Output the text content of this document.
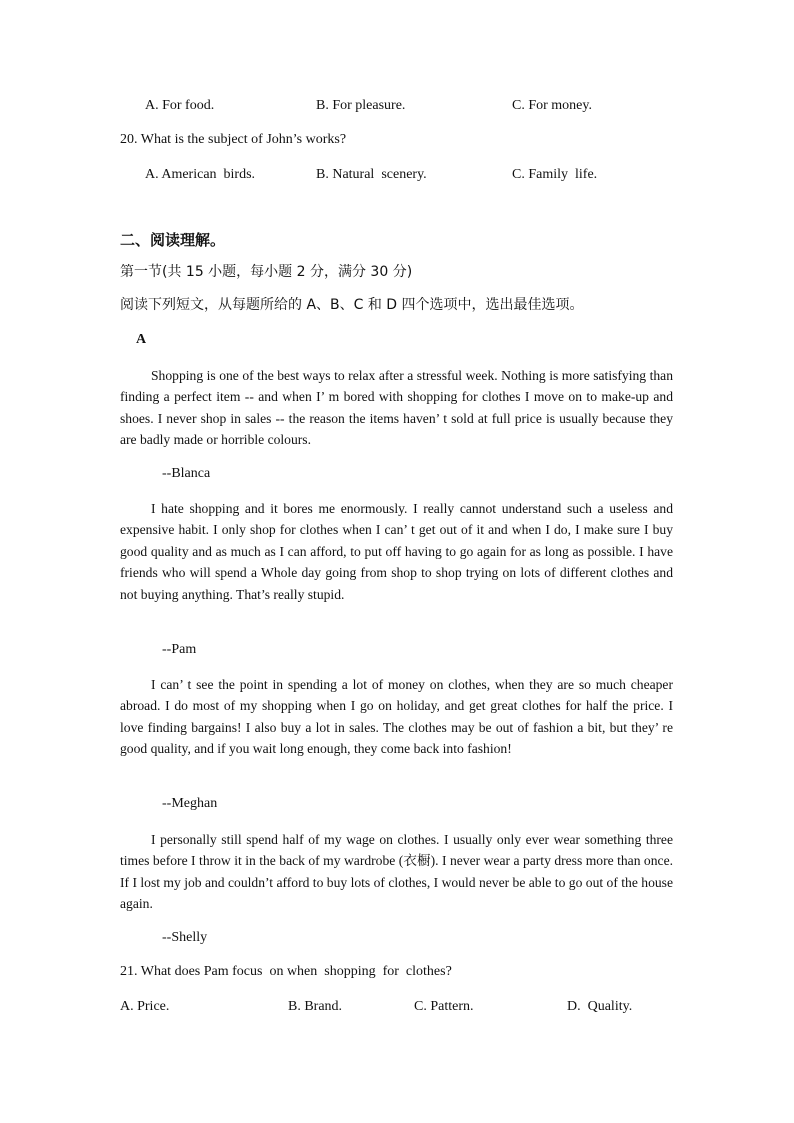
A. For food.	B. For pleasure.	C. For money.
20. What is the subject of John’s works?
A. American  birds.	B. Natural  scenery.	C. Family  life.
二、阅读理解。
第一节(共 15 小题，每小题 2 分，满分 30 分)
阅读下列短文，从每题所给的 A、B、C 和 D 四个选项中，选出最佳选项。
A
Shopping is one of the best ways to relax after a stressful week. Nothing is more satisfying than finding a perfect item -- and when I’ m bored with shopping for clothes I move on to make-up and shoes. I never shop in sales -- the reason the items haven’ t sold at full price is usually because they are badly made or horrible colours.
--Blanca
I hate shopping and it bores me enormously. I really cannot understand such a useless and expensive habit. I only shop for clothes when I can’ t get out of it and when I do, I make sure I buy good quality and as much as I can afford, to put off having to go again for as long as possible. I have friends who will spend a Whole day going from shop to shop trying on lots of different clothes and not buying anything. That’s really stupid.
--Pam
I can’ t see the point in spending a lot of money on clothes, when they are so much cheaper abroad. I do most of my shopping when I go on holiday, and get great clothes for half the price. I love finding bargains! I also buy a lot in sales. The clothes may be out of fashion a bit, but they’ re good quality, and if you wait long enough, they come back into fashion!
--Meghan
I personally still spend half of my wage on clothes. I usually only ever wear something three times before I throw it in the back of my wardrobe (衣橱). I never wear a party dress more than once. If I lost my job and couldn’t afford to buy lots of clothes, I would never be able to go out of the house again.
--Shelly
21. What does Pam focus  on when  shopping  for  clothes?
A. Price.	B. Brand.	C. Pattern.	D.  Quality.
